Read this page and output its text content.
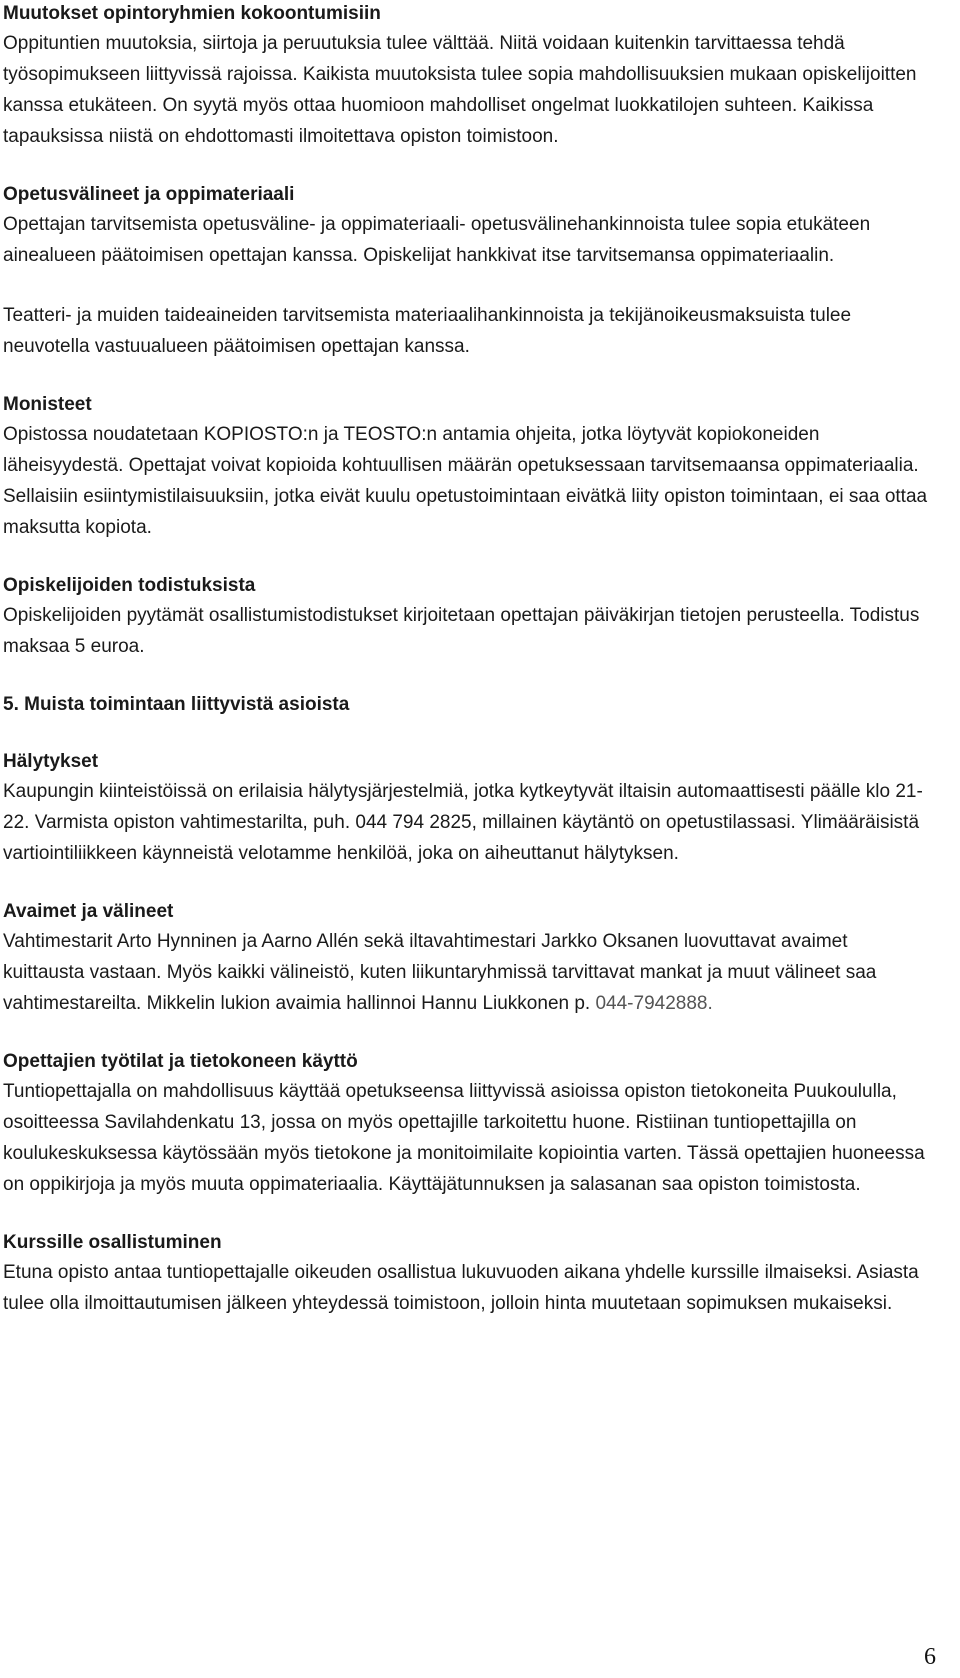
Muutokset opintoryhmien kokoontumisiin

Oppituntien muutoksia, siirtoja ja peruutuksia tulee välttää. Niitä voidaan kuitenkin tarvittaessa tehdä työsopimukseen liittyvissä rajoissa. Kaikista muutoksista tulee sopia mahdollisuuksien mukaan opiskelijoitten kanssa etukäteen. On syytä myös ottaa huomioon mahdolliset ongelmat luokkatilojen suhteen. Kaikissa tapauksissa niistä on ehdottomasti ilmoitettava opiston toimistoon.

Opetusvälineet ja oppimateriaali

Opettajan tarvitsemista opetusväline- ja oppimateriaali- opetusvälinehankinnoista tulee sopia etukäteen ainealueen päätoimisen opettajan kanssa. Opiskelijat hankkivat itse tarvitsemansa oppimateriaalin.

Teatteri- ja muiden taideaineiden tarvitsemista materiaalihankinnoista ja tekijänoikeusmaksuista tulee neuvotella vastuualueen päätoimisen opettajan kanssa.

Monisteet

Opistossa noudatetaan KOPIOSTO:n ja TEOSTO:n antamia ohjeita, jotka löytyvät kopiokoneiden läheisyydestä. Opettajat voivat kopioida kohtuullisen määrän opetuksessaan tarvitsemaansa oppimateriaalia. Sellaisiin esiintymistilaisuuksiin, jotka eivät kuulu opetustoimintaan eivätkä liity opiston toimintaan, ei saa ottaa maksutta kopiota.

Opiskelijoiden todistuksista

Opiskelijoiden pyytämät osallistumistodistukset kirjoitetaan opettajan päiväkirjan tietojen perusteella. Todistus maksaa 5 euroa.

5. Muista toimintaan liittyvistä asioista
Hälytykset

Kaupungin kiinteistöissä on erilaisia hälytysjärjestelmiä, jotka kytkeytyvät iltaisin automaattisesti päälle klo 21-22. Varmista opiston vahtimestarilta, puh. 044 794 2825, millainen käytäntö on opetustilassasi. Ylimääräisistä vartiointiliikkeen käynneistä velotamme henkilöä, joka on aiheuttanut hälytyksen.

Avaimet ja välineet

Vahtimestarit Arto Hynninen ja Aarno Allén sekä iltavahtimestari Jarkko Oksanen luovuttavat avaimet kuittausta vastaan. Myös kaikki välineistö, kuten liikuntaryhmissä tarvittavat mankat ja muut välineet saa vahtimestareilta. Mikkelin lukion avaimia hallinnoi Hannu Liukkonen p. 044-7942888.

Opettajien työtilat ja tietokoneen käyttö

Tuntiopettajalla on mahdollisuus käyttää opetukseensa liittyvissä asioissa opiston tietokoneita Puukoululla, osoitteessa Savilahdenkatu 13, jossa on myös opettajille tarkoitettu huone. Ristiinan tuntiopettajilla on koulukeskuksessa käytössään myös tietokone ja monitoimilaite kopiointia varten. Tässä opettajien huoneessa on oppikirjoja ja myös muuta oppimateriaalia. Käyttäjätunnuksen ja salasanan saa opiston toimistosta.

Kurssille osallistuminen

Etuna opisto antaa tuntiopettajalle oikeuden osallistua lukuvuoden aikana yhdelle kurssille ilmaiseksi. Asiasta tulee olla ilmoittautumisen jälkeen yhteydessä toimistoon, jolloin hinta muutetaan sopimuksen mukaiseksi.

6
